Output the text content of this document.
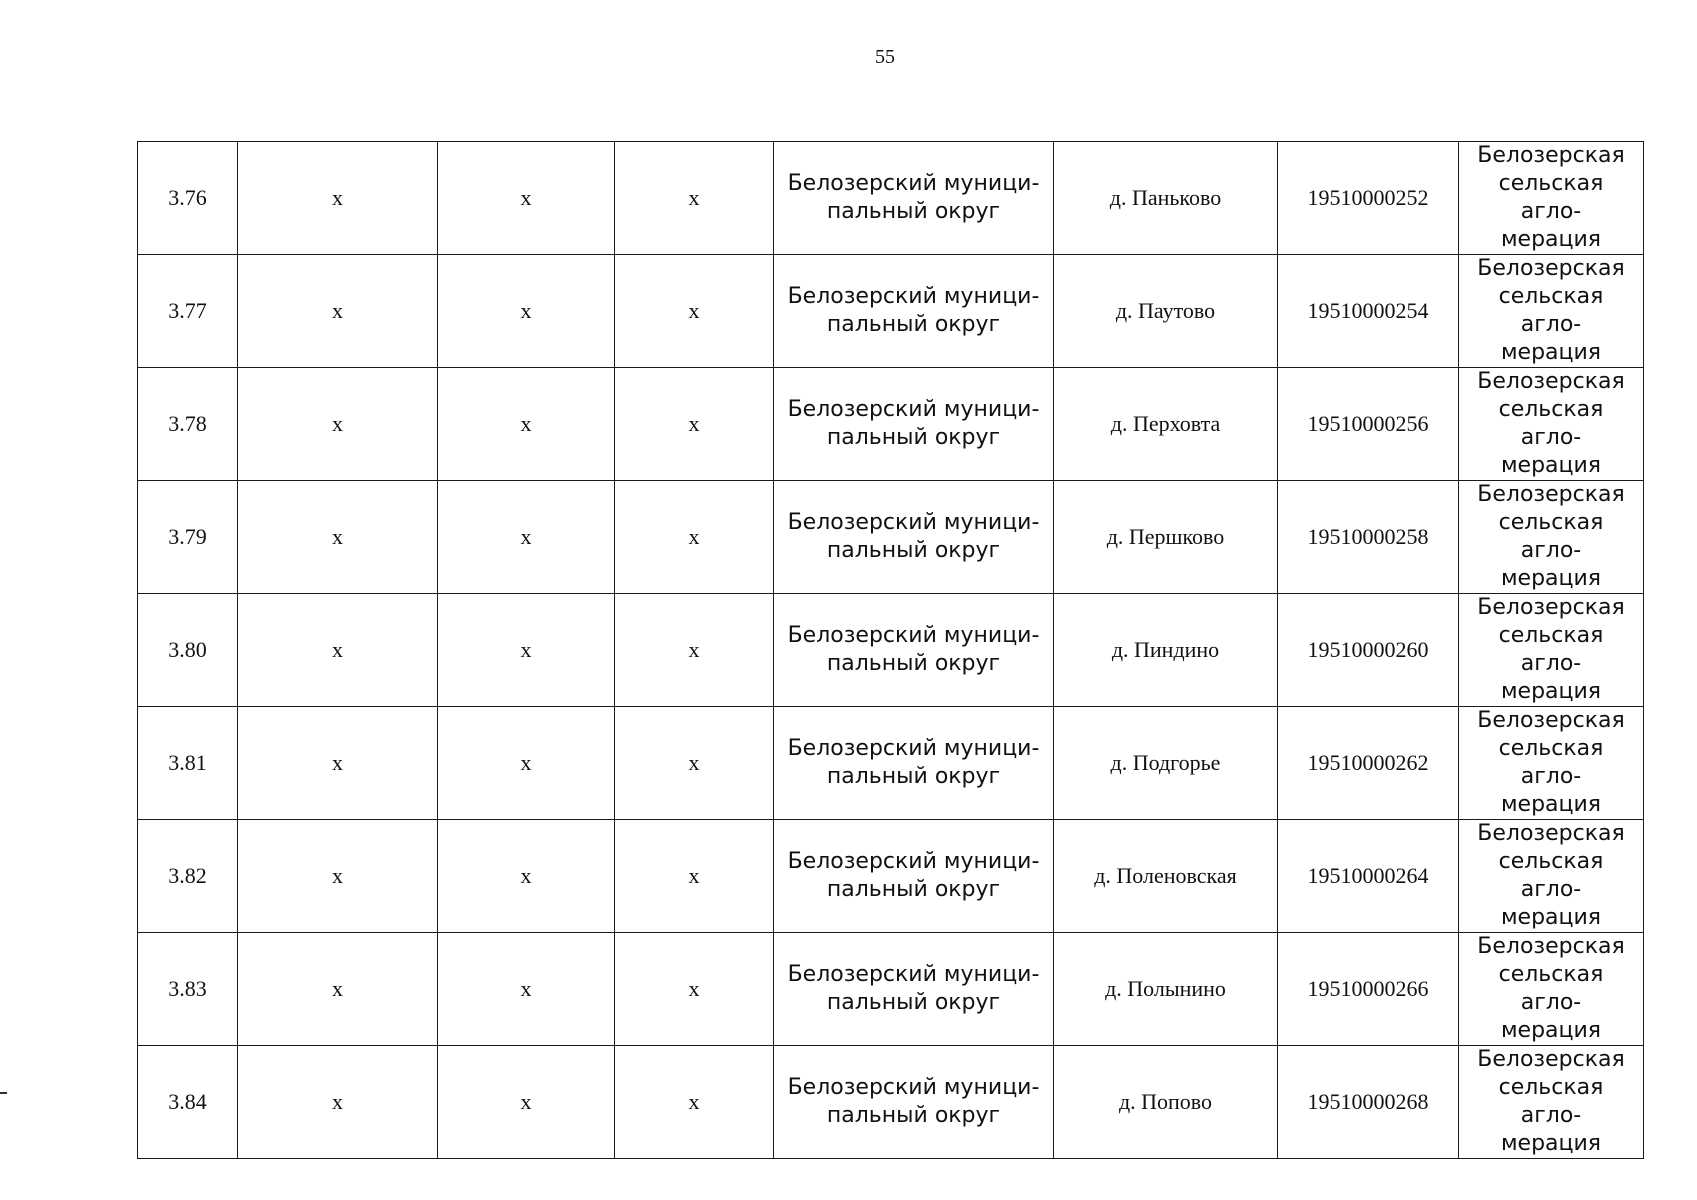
55
3.76	x	x	x	Белозерский муници-
пальный округ	д. Паньково	19510000252	Белозерская
сельская агло-
мерация
3.77	x	x	x	Белозерский муници-
пальный округ	д. Паутово	19510000254	Белозерская
сельская агло-
мерация
3.78	x	x	x	Белозерский муници-
пальный округ	д. Перховта	19510000256	Белозерская
сельская агло-
мерация
3.79	x	x	x	Белозерский муници-
пальный округ	д. Першково	19510000258	Белозерская
сельская агло-
мерация
3.80	x	x	x	Белозерский муници-
пальный округ	д. Пиндино	19510000260	Белозерская
сельская агло-
мерация
3.81	x	x	x	Белозерский муници-
пальный округ	д. Подгорье	19510000262	Белозерская
сельская агло-
мерация
3.82	x	x	x	Белозерский муници-
пальный округ	д. Поленовская	19510000264	Белозерская
сельская агло-
мерация
3.83	x	x	x	Белозерский муници-
пальный округ	д. Полынино	19510000266	Белозерская
сельская агло-
мерация
3.84	x	x	x	Белозерский муници-
пальный округ	д. Попово	19510000268	Белозерская
сельская агло-
мерация
